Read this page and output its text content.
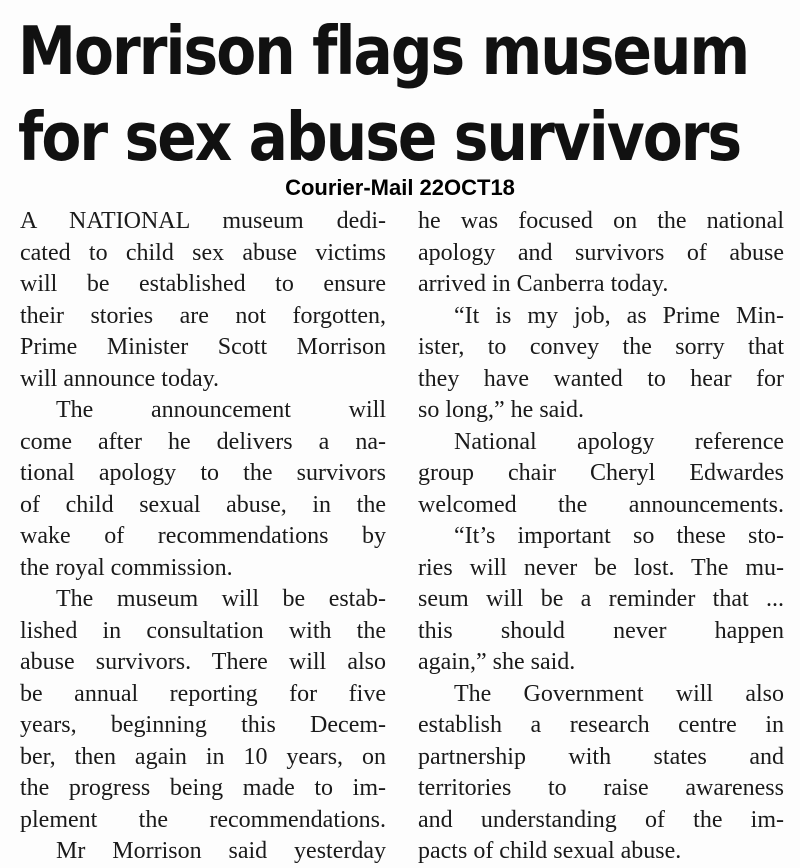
Morrison flags museum
for sex abuse survivors

Courier-Mail 22OCT18

A NATIONAL museum dedi-
cated to child sex abuse victims
will be established to ensure
their stories are not forgotten,
Prime Minister Scott Morrison
will announce today.
The announcement will
come after he delivers a na-
tional apology to the survivors
of child sexual abuse, in the
wake of recommendations by
the royal commission.
The museum will be estab-
lished in consultation with the
abuse survivors. There will also
be annual reporting for five
years, beginning this Decem-
ber, then again in 10 years, on
the progress being made to im-
plement the recommendations.
Mr Morrison said yesterday
he was focused on the national
apology and survivors of abuse
arrived in Canberra today.
“It is my job, as Prime Min-
ister, to convey the sorry that
they have wanted to hear for
so long,” he said.
National apology reference
group chair Cheryl Edwardes
welcomed the announcements.
“It’s important so these sto-
ries will never be lost. The mu-
seum will be a reminder that ...
this should never happen
again,” she said.
The Government will also
establish a research centre in
partnership with states and
territories to raise awareness
and understanding of the im-
pacts of child sexual abuse.
